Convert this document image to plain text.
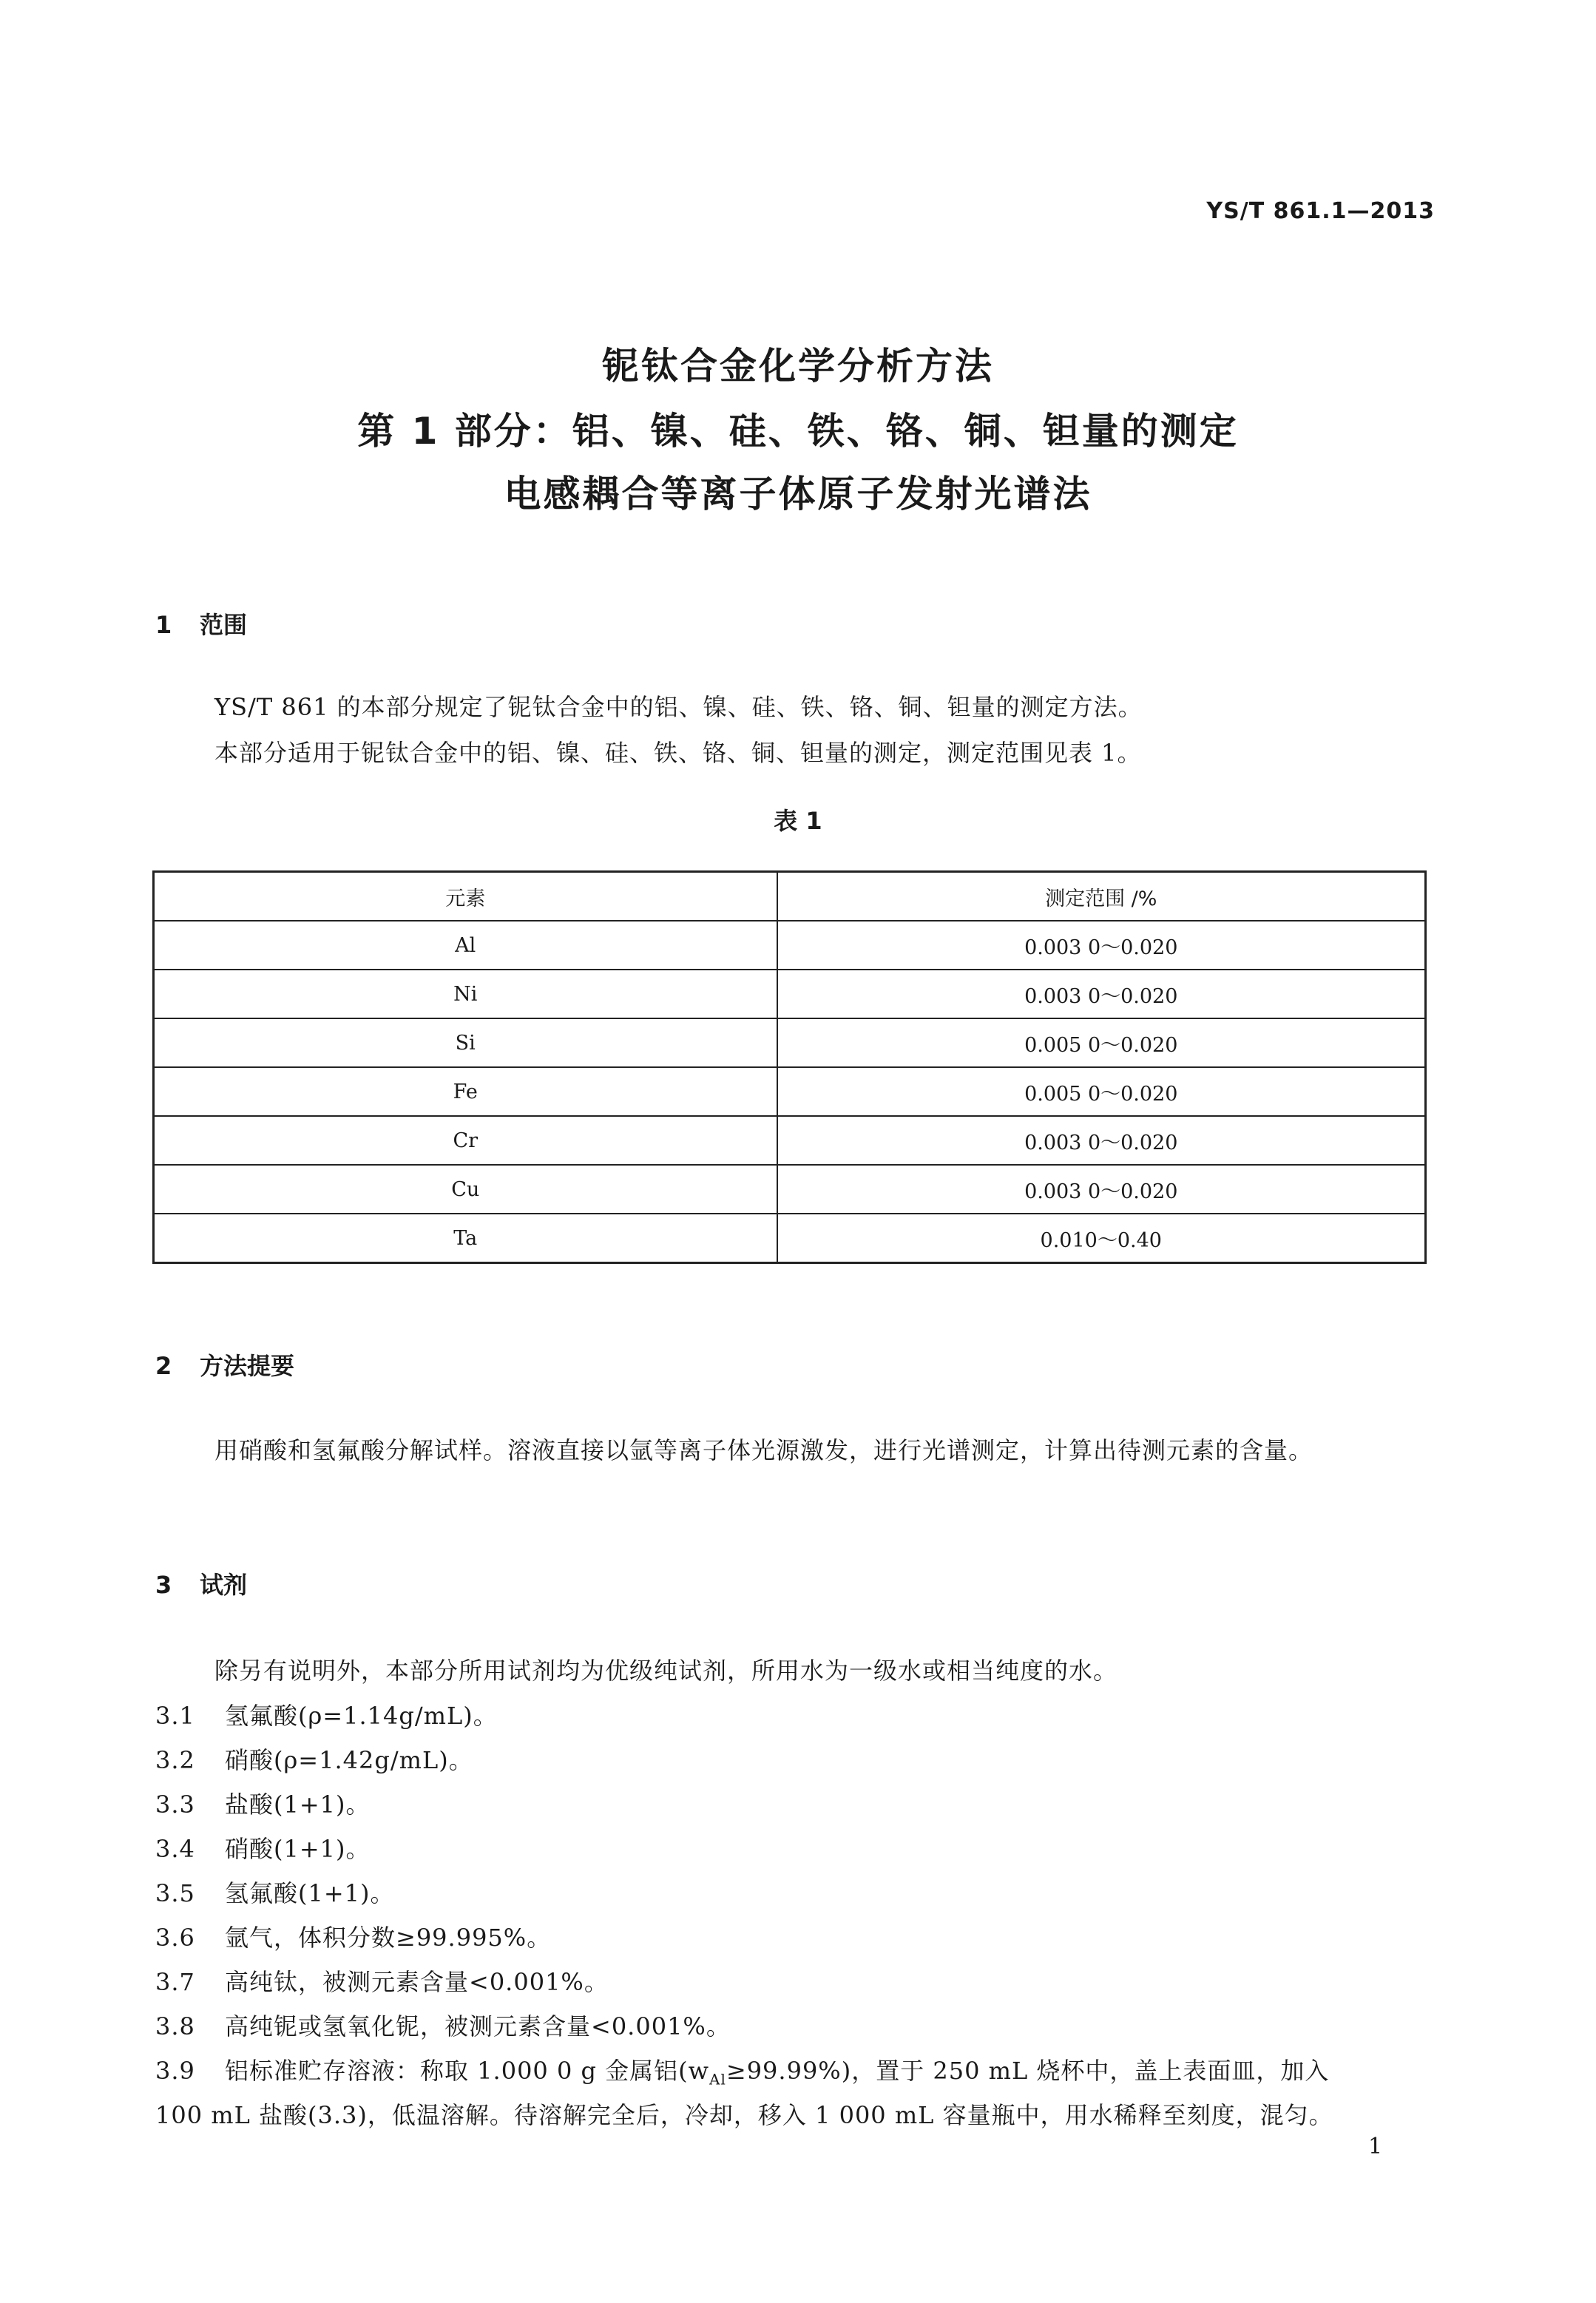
YS/T 861.1—2013
铌钛合金化学分析方法
第 1 部分：铝、镍、硅、铁、铬、铜、钽量的测定
电感耦合等离子体原子发射光谱法
1 范围
YS/T 861 的本部分规定了铌钛合金中的铝、镍、硅、铁、铬、铜、钽量的测定方法。
本部分适用于铌钛合金中的铝、镍、硅、铁、铬、铜、钽量的测定，测定范围见表 1。
表 1
元素	测定范围 /%
Al	0.003 0～0.020
Ni	0.003 0～0.020
Si	0.005 0～0.020
Fe	0.005 0～0.020
Cr	0.003 0～0.020
Cu	0.003 0～0.020
Ta	0.010～0.40
2 方法提要
用硝酸和氢氟酸分解试样。溶液直接以氩等离子体光源激发，进行光谱测定，计算出待测元素的含量。
3 试剂
除另有说明外，本部分所用试剂均为优级纯试剂，所用水为一级水或相当纯度的水。
3.1 氢氟酸(ρ=1.14g/mL)。
3.2 硝酸(ρ=1.42g/mL)。
3.3 盐酸(1+1)。
3.4 硝酸(1+1)。
3.5 氢氟酸(1+1)。
3.6 氩气，体积分数≥99.995%。
3.7 高纯钛，被测元素含量<0.001%。
3.8 高纯铌或氢氧化铌，被测元素含量<0.001%。
3.9 铝标准贮存溶液：称取 1.000 0 g 金属铝$(w_{Al}\ge 99.99\%)$，置于 250 mL 烧杯中，盖上表面皿，加入
100 mL 盐酸(3.3)，低温溶解。待溶解完全后，冷却，移入 1 000 mL 容量瓶中，用水稀释至刻度，混匀。
1
